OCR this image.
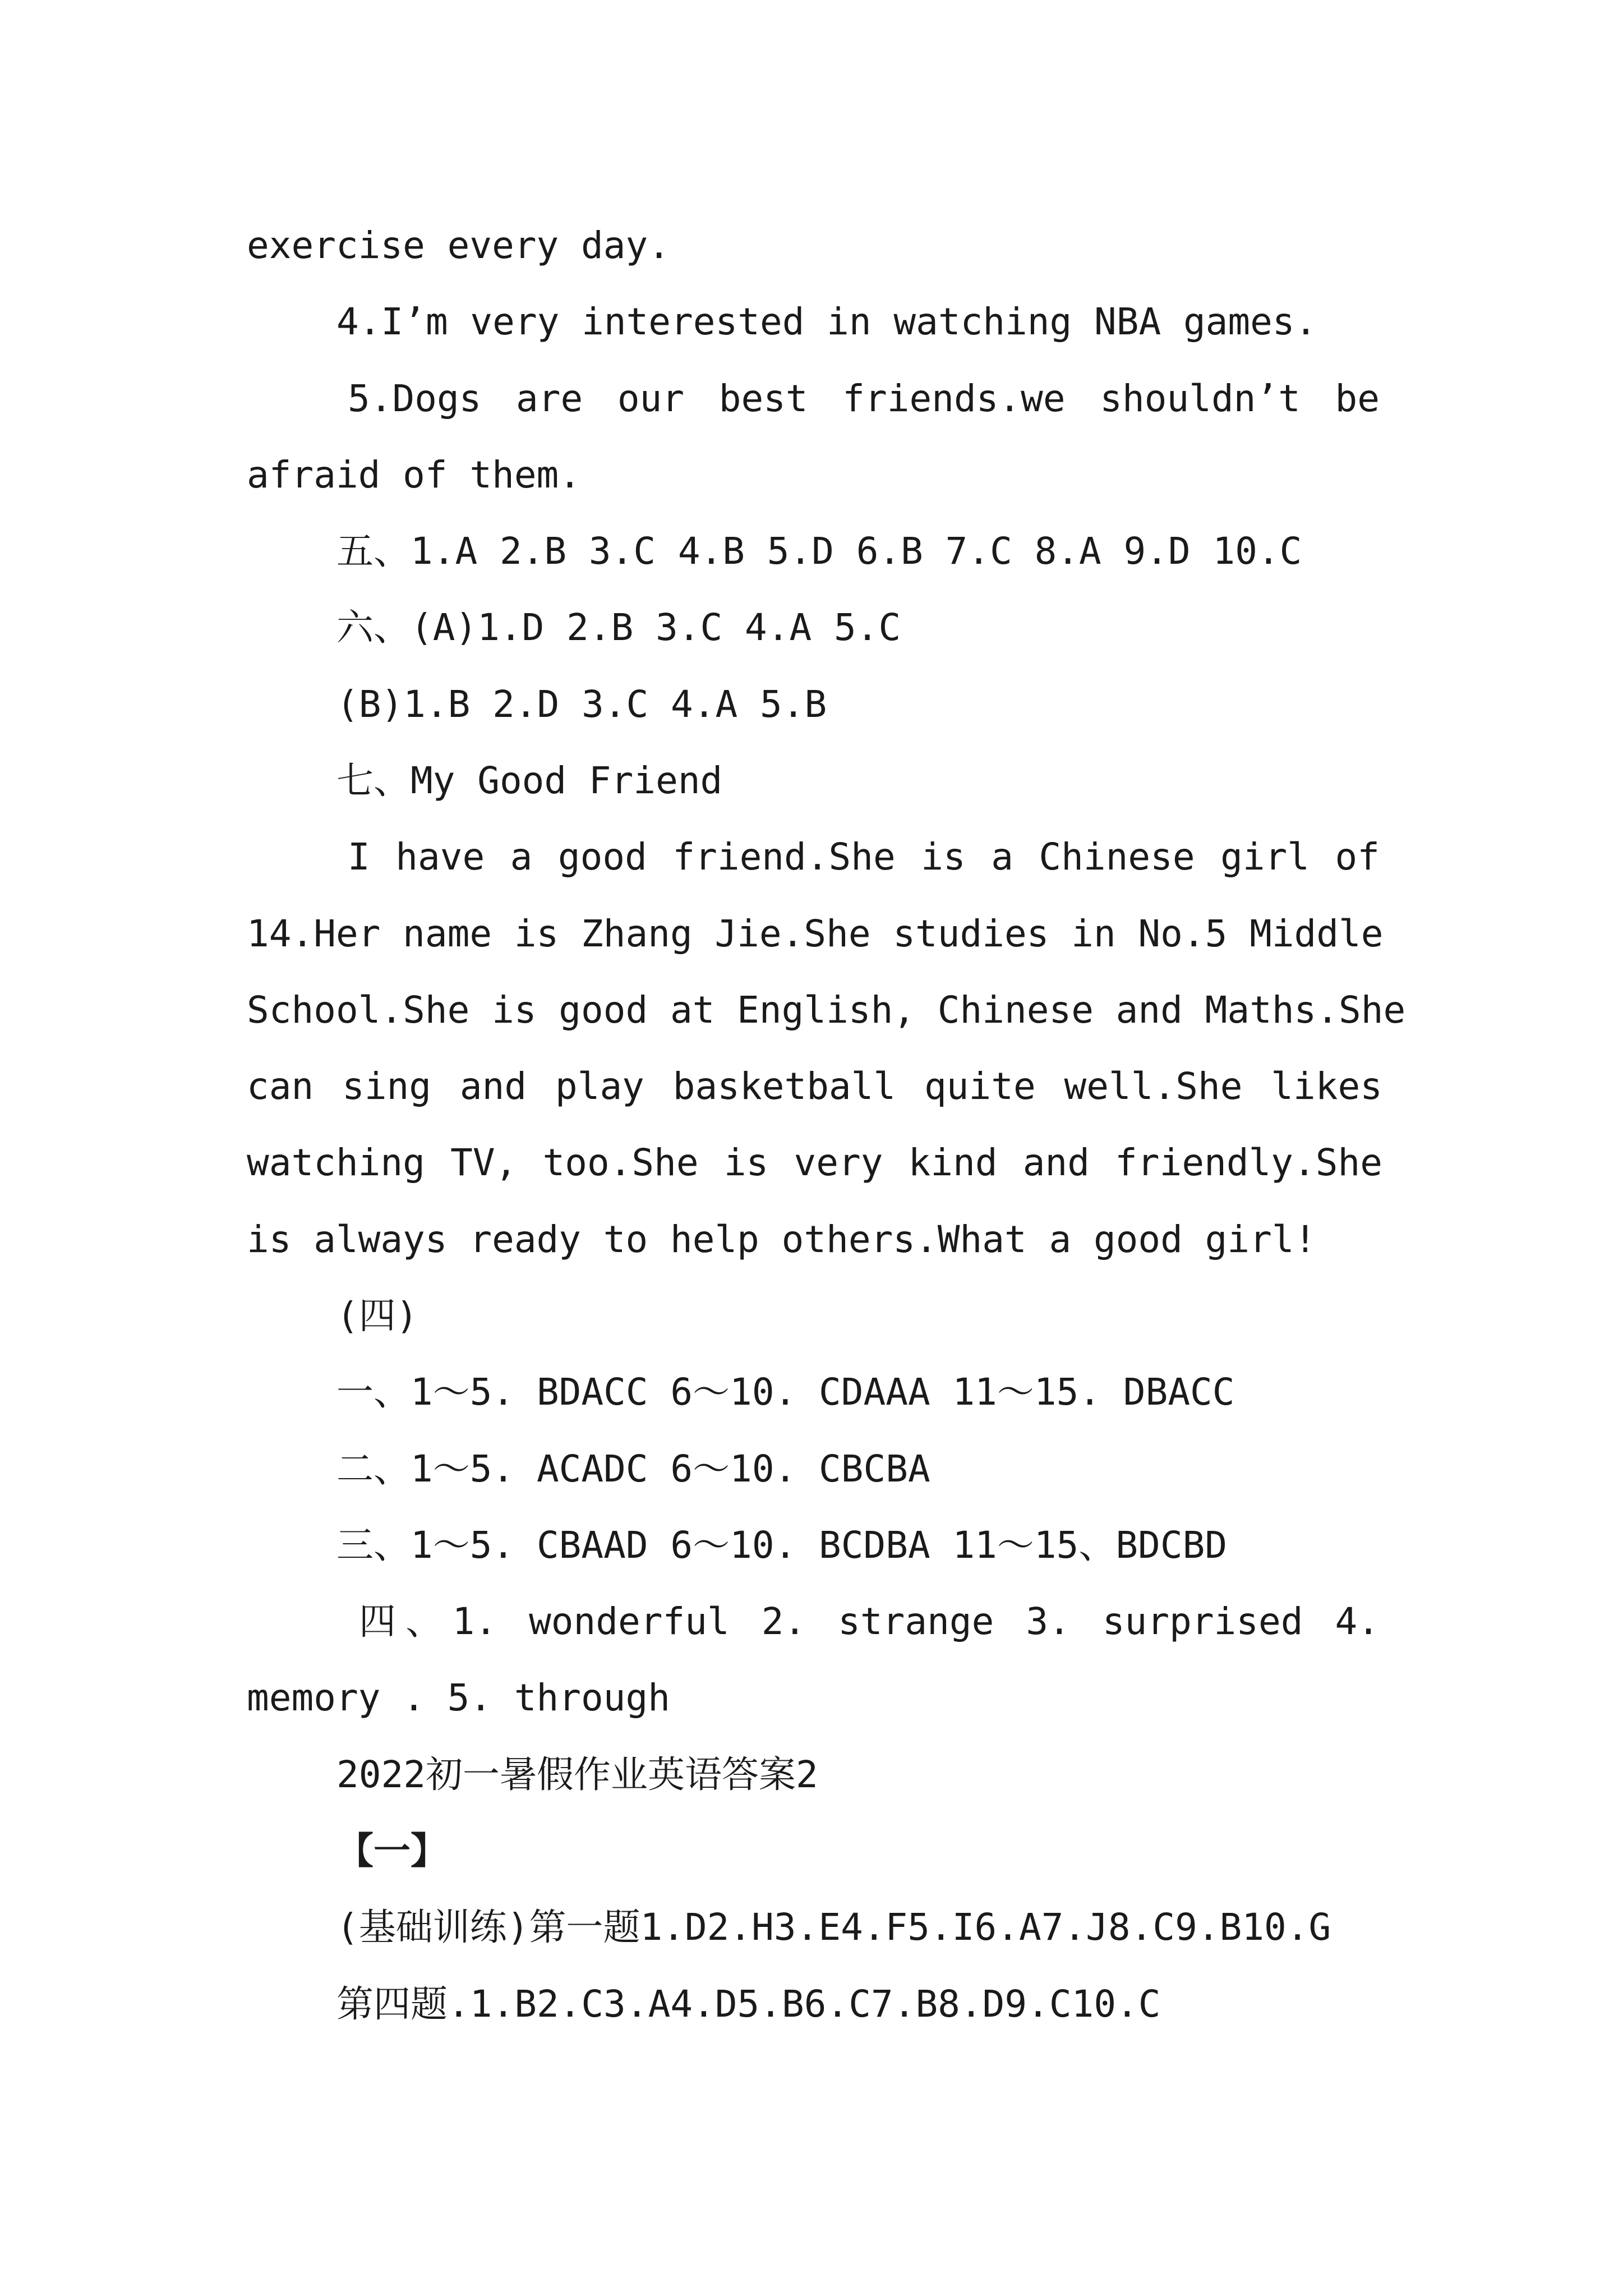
exercise every day.
4.I’m very interested in watching NBA games.
5.Dogs are our best friends.we shouldn’t be
afraid of them.
五、1.A 2.B 3.C 4.B 5.D 6.B 7.C 8.A 9.D 10.C
六、(A)1.D 2.B 3.C 4.A 5.C
(B)1.B 2.D 3.C 4.A 5.B
七、My Good Friend
I have a good friend.She is a Chinese girl of
14.Her name is Zhang Jie.She studies in No.5 Middle
School.She is good at English, Chinese and Maths.She
can sing and play basketball quite well.She likes
watching TV, too.She is very kind and friendly.She
is always ready to help others.What a good girl!
(四)
一、1～5. BDACC 6～10. CDAAA 11～15. DBACC
二、1～5. ACADC 6～10. CBCBA
三、1～5. CBAAD 6～10. BCDBA 11～15、BDCBD
四、1. wonderful 2. strange 3. surprised 4.
memory . 5. through
2022初一暑假作业英语答案2
【一】
(基础训练)第一题1.D2.H3.E4.F5.I6.A7.J8.C9.B10.G
第四题.1.B2.C3.A4.D5.B6.C7.B8.D9.C10.C
